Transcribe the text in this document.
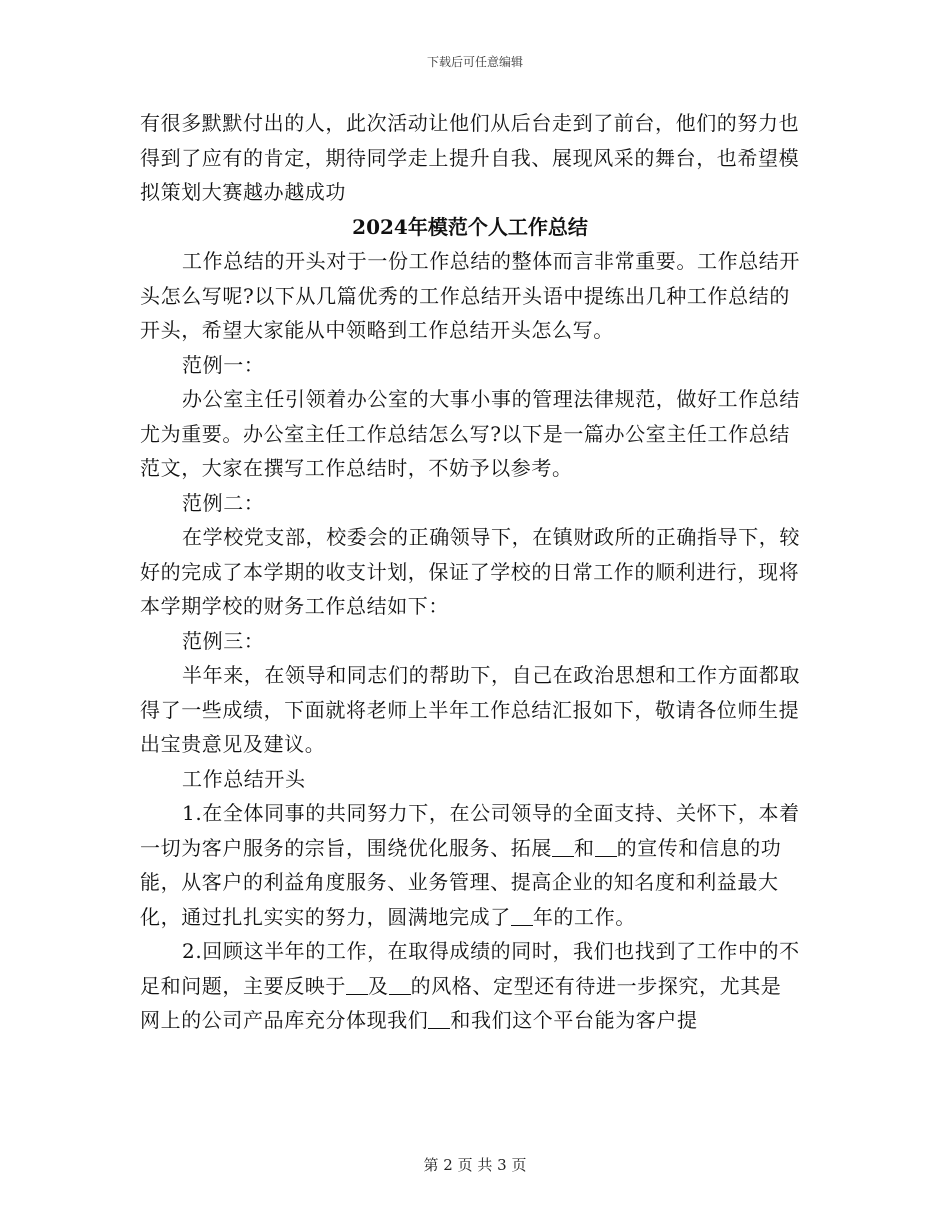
下载后可任意编辑

有很多默默付出的人，此次活动让他们从后台走到了前台，他们的努力也得到了应有的肯定，期待同学走上提升自我、展现风采的舞台，也希望模拟策划大赛越办越成功

2024年模范个人工作总结

工作总结的开头对于一份工作总结的整体而言非常重要。工作总结开头怎么写呢?以下从几篇优秀的工作总结开头语中提练出几种工作总结的开头，希望大家能从中领略到工作总结开头怎么写。

范例一：

办公室主任引领着办公室的大事小事的管理法律规范，做好工作总结尤为重要。办公室主任工作总结怎么写?以下是一篇办公室主任工作总结范文，大家在撰写工作总结时，不妨予以参考。

范例二：

在学校党支部，校委会的正确领导下，在镇财政所的正确指导下，较好的完成了本学期的收支计划，保证了学校的日常工作的顺利进行，现将本学期学校的财务工作总结如下：

范例三：

半年来，在领导和同志们的帮助下，自己在政治思想和工作方面都取得了一些成绩，下面就将老师上半年工作总结汇报如下，敬请各位师生提出宝贵意见及建议。

工作总结开头

1.在全体同事的共同努力下，在公司领导的全面支持、关怀下，本着一切为客户服务的宗旨，围绕优化服务、拓展 和 的宣传和信息的功能，从客户的利益角度服务、业务管理、提高企业的知名度和利益最大化，通过扎扎实实的努力，圆满地完成了 年的工作。

2.回顾这半年的工作，在取得成绩的同时，我们也找到了工作中的不足和问题，主要反映于 及 的风格、定型还有待进一步探究，尤其是网上的公司产品库充分体现我们 和我们这个平台能为客户提

第 2 页 共 3 页
